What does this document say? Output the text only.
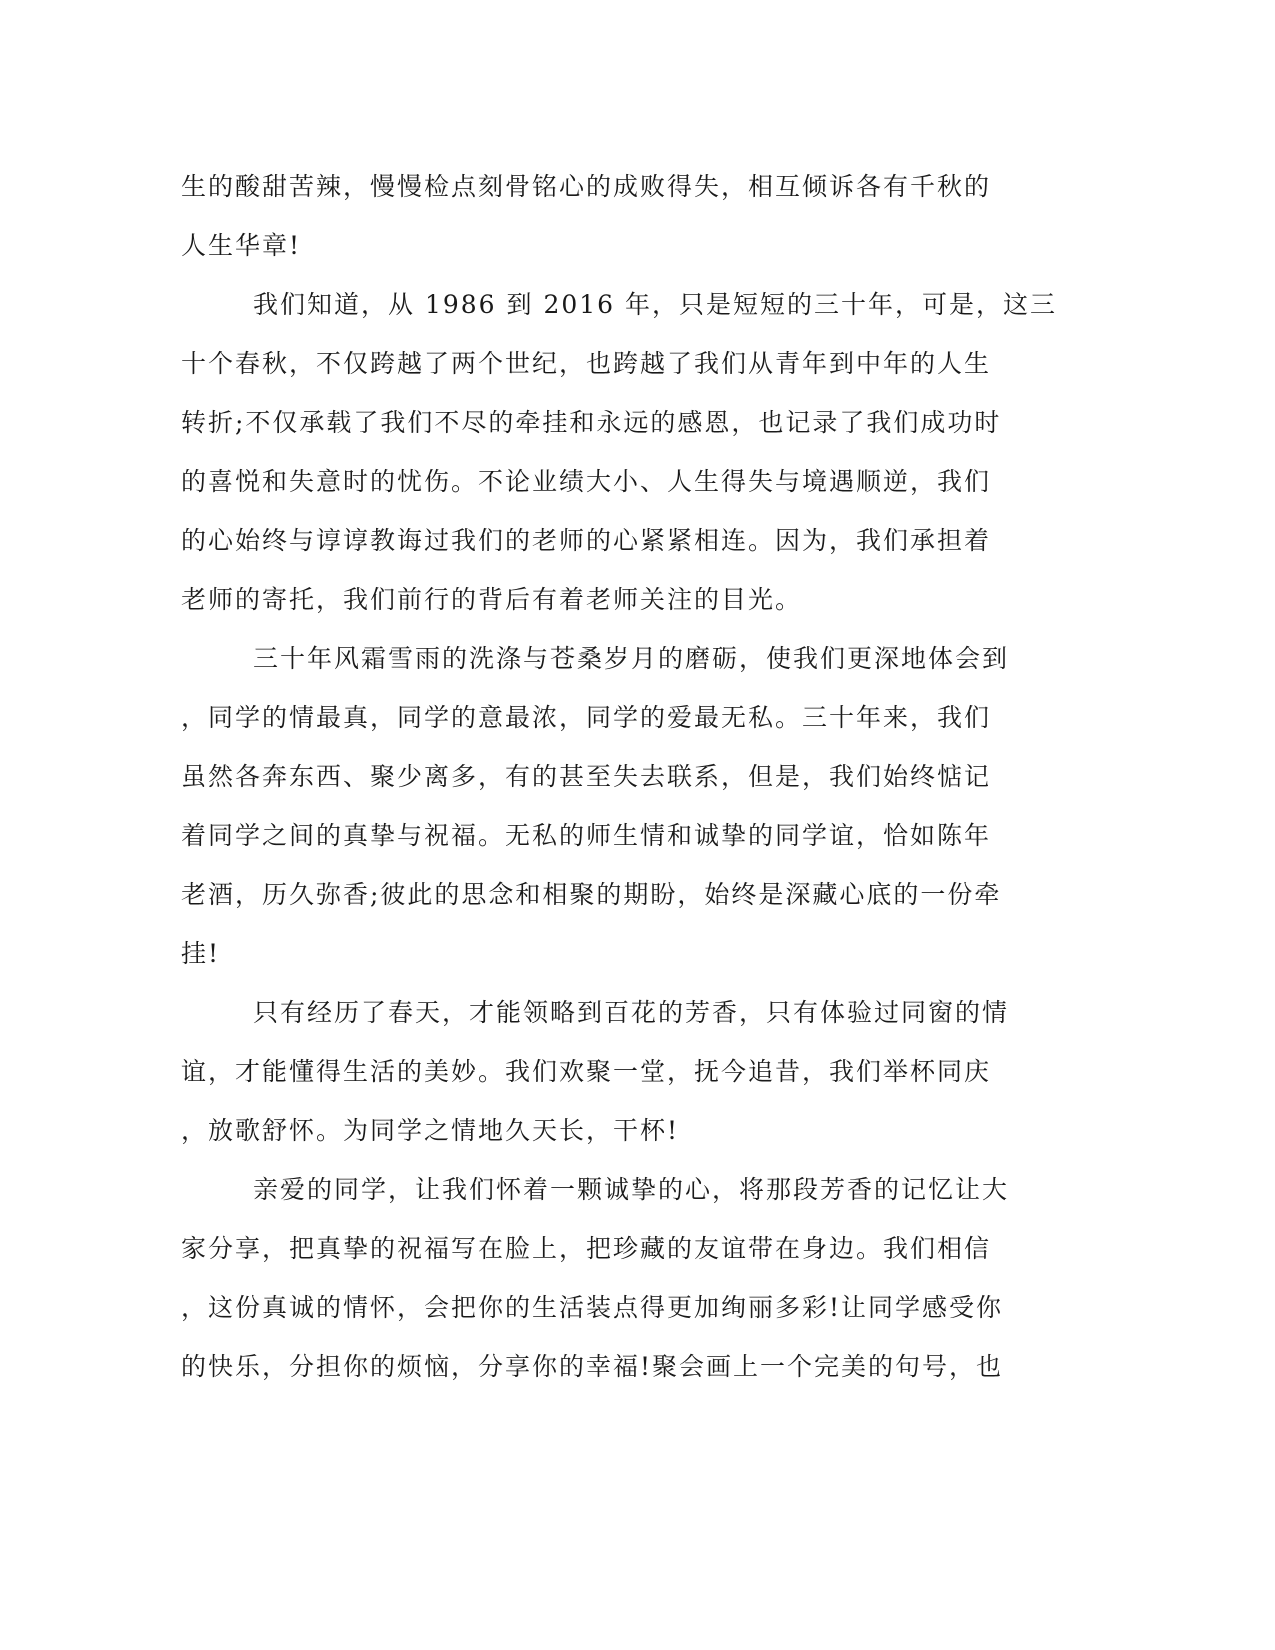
生的酸甜苦辣，慢慢检点刻骨铭心的成败得失，相互倾诉各有千秋的
人生华章!
我们知道，从 1986 到 2016 年，只是短短的三十年，可是，这三
十个春秋，不仅跨越了两个世纪，也跨越了我们从青年到中年的人生
转折;不仅承载了我们不尽的牵挂和永远的感恩，也记录了我们成功时
的喜悦和失意时的忧伤。不论业绩大小、人生得失与境遇顺逆，我们
的心始终与谆谆教诲过我们的老师的心紧紧相连。因为，我们承担着
老师的寄托，我们前行的背后有着老师关注的目光。
三十年风霜雪雨的洗涤与苍桑岁月的磨砺，使我们更深地体会到
，同学的情最真，同学的意最浓，同学的爱最无私。三十年来，我们
虽然各奔东西、聚少离多，有的甚至失去联系，但是，我们始终惦记
着同学之间的真挚与祝福。无私的师生情和诚挚的同学谊，恰如陈年
老酒，历久弥香;彼此的思念和相聚的期盼，始终是深藏心底的一份牵
挂!
只有经历了春天，才能领略到百花的芳香，只有体验过同窗的情
谊，才能懂得生活的美妙。我们欢聚一堂，抚今追昔，我们举杯同庆
，放歌舒怀。为同学之情地久天长，干杯!
亲爱的同学，让我们怀着一颗诚挚的心，将那段芳香的记忆让大
家分享，把真挚的祝福写在脸上，把珍藏的友谊带在身边。我们相信
，这份真诚的情怀，会把你的生活装点得更加绚丽多彩!让同学感受你
的快乐，分担你的烦恼，分享你的幸福!聚会画上一个完美的句号，也
